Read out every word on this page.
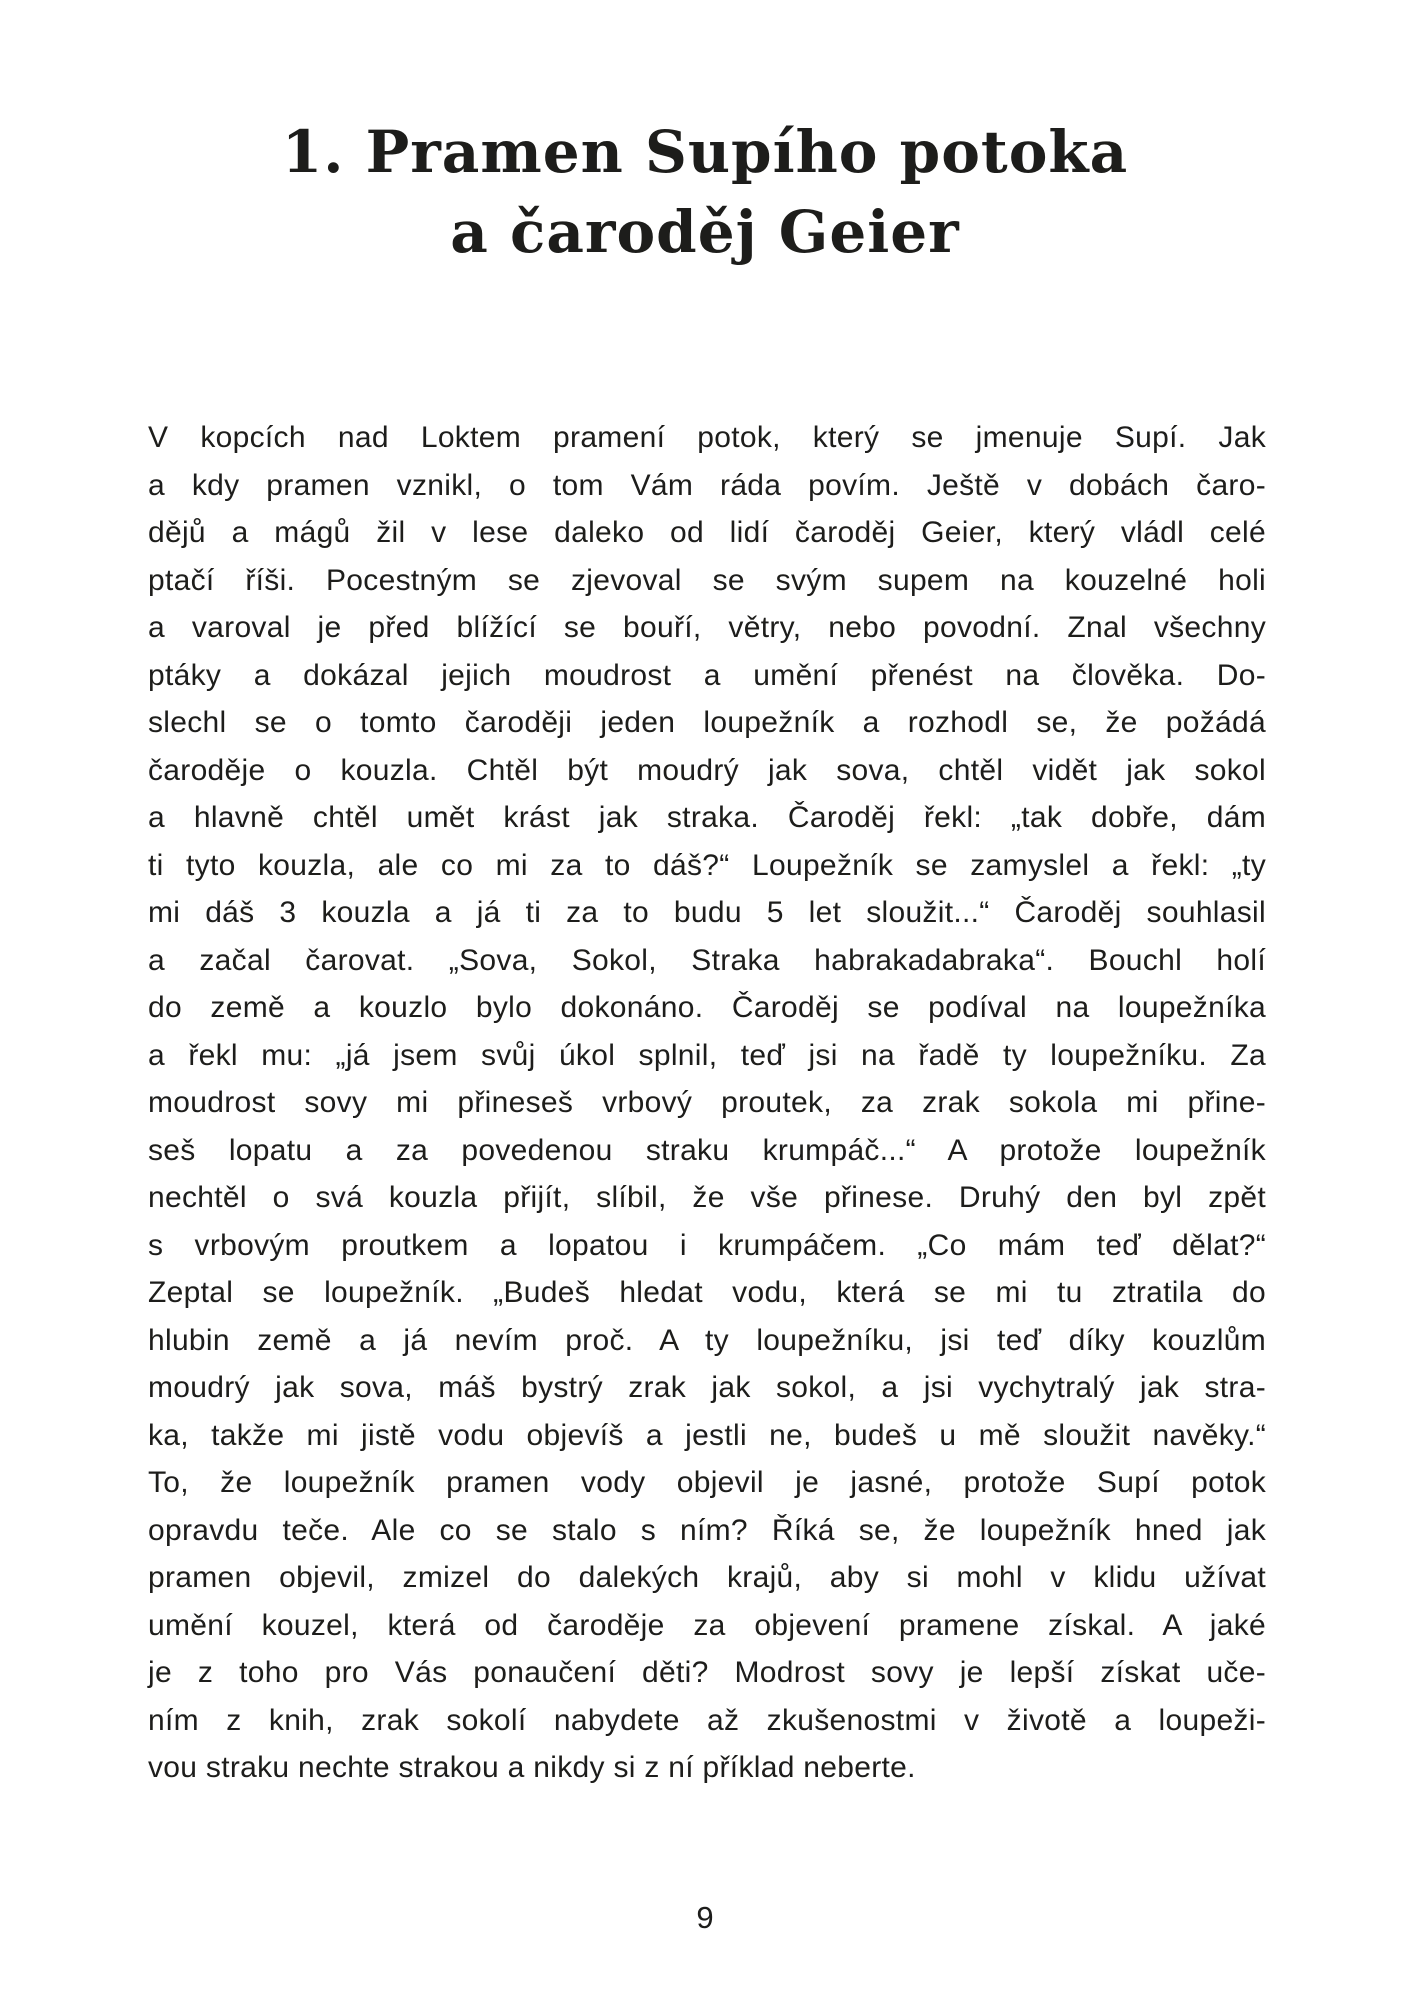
1. Pramen Supího potoka
a čaroděj Geier
V kopcích nad Loktem pramení potok, který se jmenuje Supí. Jak
a kdy pramen vznikl, o tom Vám ráda povím. Ještě v dobách čaro-
dějů a mágů žil v lese daleko od lidí čaroděj Geier, který vládl celé
ptačí říši. Pocestným se zjevoval se svým supem na kouzelné holi
a varoval je před blížící se bouří, větry, nebo povodní. Znal všechny
ptáky a dokázal jejich moudrost a umění přenést na člověka. Do-
slechl se o tomto čaroději jeden loupežník a rozhodl se, že požádá
čaroděje o kouzla. Chtěl být moudrý jak sova, chtěl vidět jak sokol
a hlavně chtěl umět krást jak straka. Čaroděj řekl: „tak dobře, dám
ti tyto kouzla, ale co mi za to dáš?“ Loupežník se zamyslel a řekl: „ty
mi dáš 3 kouzla a já ti za to budu 5 let sloužit...“ Čaroděj souhlasil
a začal čarovat. „Sova, Sokol, Straka habrakadabraka“. Bouchl holí
do země a kouzlo bylo dokonáno. Čaroděj se podíval na loupežníka
a řekl mu: „já jsem svůj úkol splnil, teď jsi na řadě ty loupežníku. Za
moudrost sovy mi přineseš vrbový proutek, za zrak sokola mi přine-
seš lopatu a za povedenou straku krumpáč...“ A protože loupežník
nechtěl o svá kouzla přijít, slíbil, že vše přinese. Druhý den byl zpět
s vrbovým proutkem a lopatou i krumpáčem. „Co mám teď dělat?“
Zeptal se loupežník. „Budeš hledat vodu, která se mi tu ztratila do
hlubin země a já nevím proč. A ty loupežníku, jsi teď díky kouzlům
moudrý jak sova, máš bystrý zrak jak sokol, a jsi vychytralý jak stra-
ka, takže mi jistě vodu objevíš a jestli ne, budeš u mě sloužit navěky.“
To, že loupežník pramen vody objevil je jasné, protože Supí potok
opravdu teče. Ale co se stalo s ním? Říká se, že loupežník hned jak
pramen objevil, zmizel do dalekých krajů, aby si mohl v klidu užívat
umění kouzel, která od čaroděje za objevení pramene získal. A jaké
je z toho pro Vás ponaučení děti? Modrost sovy je lepší získat uče-
ním z knih, zrak sokolí nabydete až zkušenostmi v životě a loupeži-
vou straku nechte strakou a nikdy si z ní příklad neberte.
9
